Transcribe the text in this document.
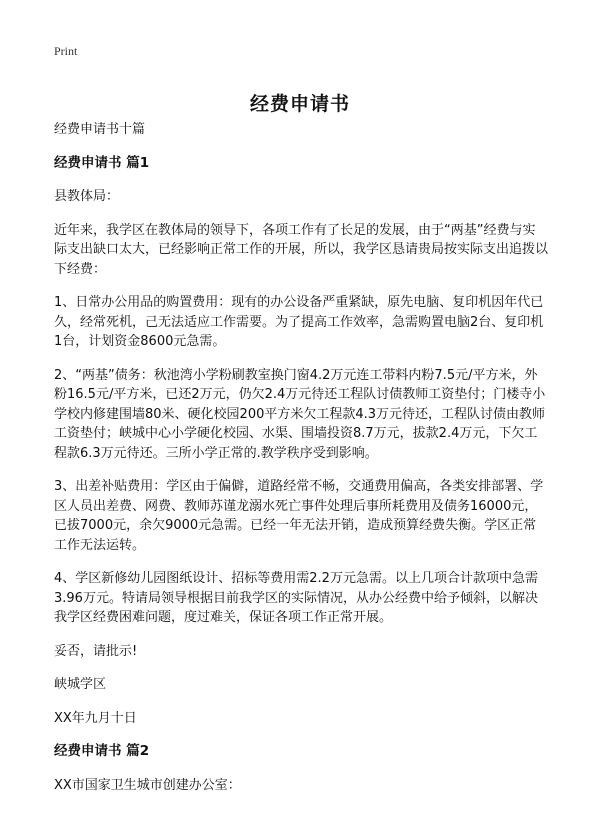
Print
经费申请书

经费申请书十篇

经费申请书 篇1

县教体局：

近年来，我学区在教体局的领导下，各项工作有了长足的发展，由于“两基”经费与实际支出缺口太大，已经影响正常工作的开展，所以，我学区恳请贵局按实际支出追拨以下经费：

1、日常办公用品的购置费用：现有的办公设备严重紧缺，原先电脑、复印机因年代已久，经常死机，己无法适应工作需要。为了提高工作效率，急需购置电脑2台、复印机1台，计划资金8600元急需。

2、“两基”债务：秋池湾小学粉刷教室换门窗4.2万元连工带料内粉7.5元/平方米，外粉16.5元/平方米，已还2万元，仍欠2.4万元待还工程队讨债教师工资垫付；门楼寺小学校内修建围墙80米、硬化校园200平方米欠工程款4.3万元待还，工程队讨债由教师工资垫付；峡城中心小学硬化校园、水渠、围墙投资8.7万元，拔款2.4万元，下欠工程款6.3万元待还。三所小学正常的.教学秩序受到影响。

3、出差补贴费用：学区由于偏僻，道路经常不畅，交通费用偏高，各类安排部署、学区人员出差费、网费、教师苏谨龙溺水死亡事件处理后事所耗费用及债务16000元，已拔7000元，余欠9000元急需。已经一年无法开销，造成预算经费失衡。学区正常工作无法运转。

4、学区新修幼儿园图纸设计、招标等费用需2.2万元急需。以上几项合计款项中急需3.96万元。特请局领导根据目前我学区的实际情况，从办公经费中给予倾斜，以解决我学区经费困难问题，度过难关，保证各项工作正常开展。

妥否，请批示!

峡城学区

XX年九月十日

经费申请书 篇2

XX市国家卫生城市创建办公室：
